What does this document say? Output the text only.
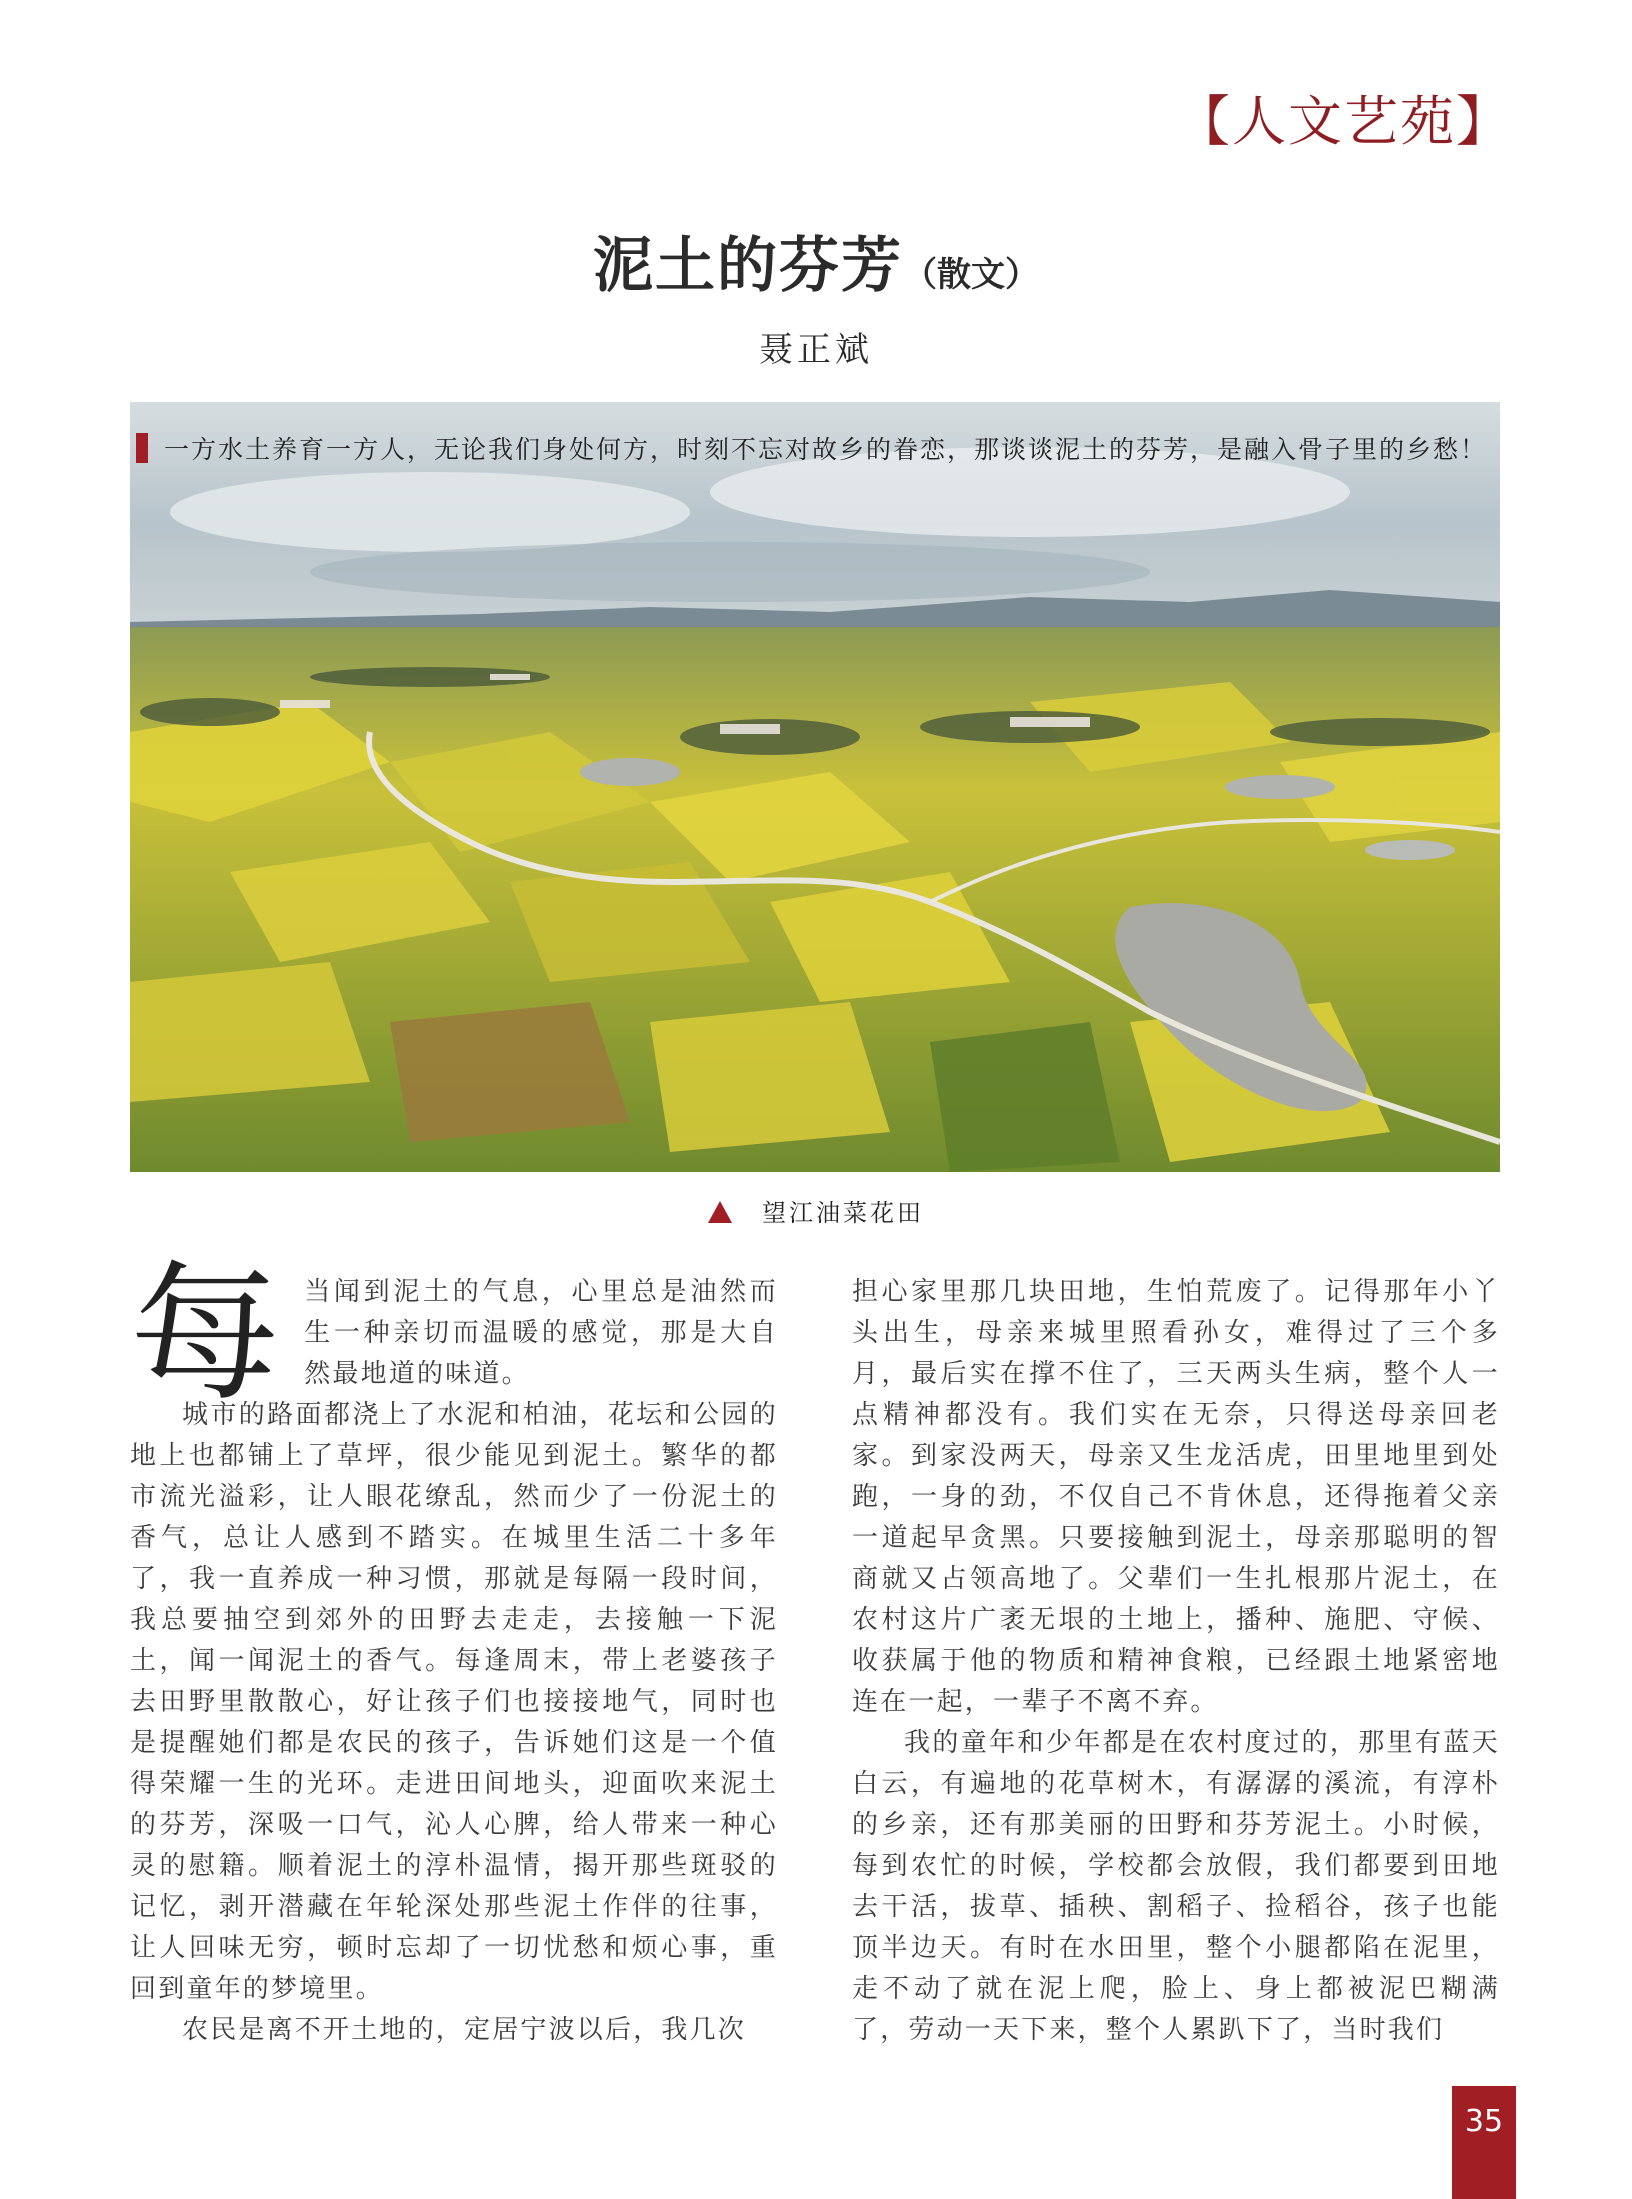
【人文艺苑】
泥土的芬芳（散文）
聂正斌
一方水土养育一方人，无论我们身处何方，时刻不忘对故乡的眷恋，那谈谈泥土的芬芳，是融入骨子里的乡愁！
望江油菜花田
每 当闻到泥土的气息，心里总是油然而生一种亲切而温暖的感觉，那是大自然最地道的味道。

城市的路面都浇上了水泥和柏油，花坛和公园的地上也都铺上了草坪，很少能见到泥土。繁华的都市流光溢彩，让人眼花缭乱，然而少了一份泥土的香气，总让人感到不踏实。在城里生活二十多年了，我一直养成一种习惯，那就是每隔一段时间，我总要抽空到郊外的田野去走走，去接触一下泥土，闻一闻泥土的香气。每逢周末，带上老婆孩子去田野里散散心，好让孩子们也接接地气，同时也是提醒她们都是农民的孩子，告诉她们这是一个值得荣耀一生的光环。走进田间地头，迎面吹来泥土的芬芳，深吸一口气，沁人心脾，给人带来一种心灵的慰籍。顺着泥土的淳朴温情，揭开那些斑驳的记忆，剥开潜藏在年轮深处那些泥土作伴的往事，让人回味无穷，顿时忘却了一切忧愁和烦心事，重回到童年的梦境里。

农民是离不开土地的，定居宁波以后，我几次

担心家里那几块田地，生怕荒废了。记得那年小丫头出生，母亲来城里照看孙女，难得过了三个多月，最后实在撑不住了，三天两头生病，整个人一点精神都没有。我们实在无奈，只得送母亲回老家。到家没两天，母亲又生龙活虎，田里地里到处跑，一身的劲，不仅自己不肯休息，还得拖着父亲一道起早贪黑。只要接触到泥土，母亲那聪明的智商就又占领高地了。父辈们一生扎根那片泥土，在农村这片广袤无垠的土地上，播种、施肥、守候、收获属于他的物质和精神食粮，已经跟土地紧密地连在一起，一辈子不离不弃。

我的童年和少年都是在农村度过的，那里有蓝天白云，有遍地的花草树木，有潺潺的溪流，有淳朴的乡亲，还有那美丽的田野和芬芳泥土。小时候，每到农忙的时候，学校都会放假，我们都要到田地去干活，拔草、插秧、割稻子、捡稻谷，孩子也能顶半边天。有时在水田里，整个小腿都陷在泥里，走不动了就在泥上爬，脸上、身上都被泥巴糊满了，劳动一天下来，整个人累趴下了，当时我们

35
